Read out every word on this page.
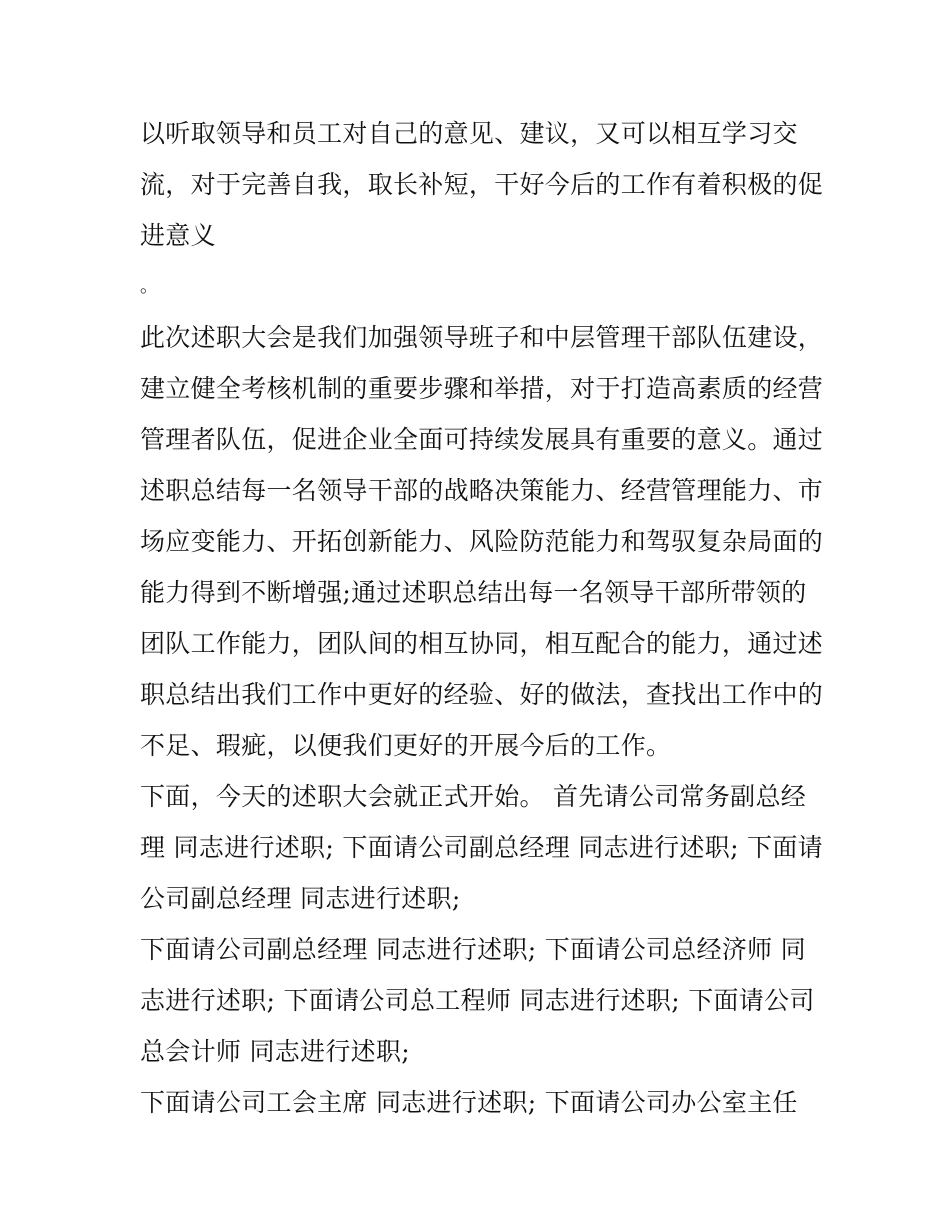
以听取领导和员工对自己的意见、建议，又可以相互学习交
流，对于完善自我，取长补短，干好今后的工作有着积极的促
进意义
。
此次述职大会是我们加强领导班子和中层管理干部队伍建设，
建立健全考核机制的重要步骤和举措，对于打造高素质的经营
管理者队伍，促进企业全面可持续发展具有重要的意义。通过
述职总结每一名领导干部的战略决策能力、经营管理能力、市
场应变能力、开拓创新能力、风险防范能力和驾驭复杂局面的
能力得到不断增强;通过述职总结出每一名领导干部所带领的
团队工作能力，团队间的相互协同，相互配合的能力，通过述
职总结出我们工作中更好的经验、好的做法，查找出工作中的
不足、瑕疵，以便我们更好的开展今后的工作。
下面，今天的述职大会就正式开始。 首先请公司常务副总经
理 同志进行述职; 下面请公司副总经理 同志进行述职; 下面请
公司副总经理 同志进行述职;
下面请公司副总经理 同志进行述职; 下面请公司总经济师 同
志进行述职; 下面请公司总工程师 同志进行述职; 下面请公司
总会计师 同志进行述职;
下面请公司工会主席 同志进行述职; 下面请公司办公室主任
